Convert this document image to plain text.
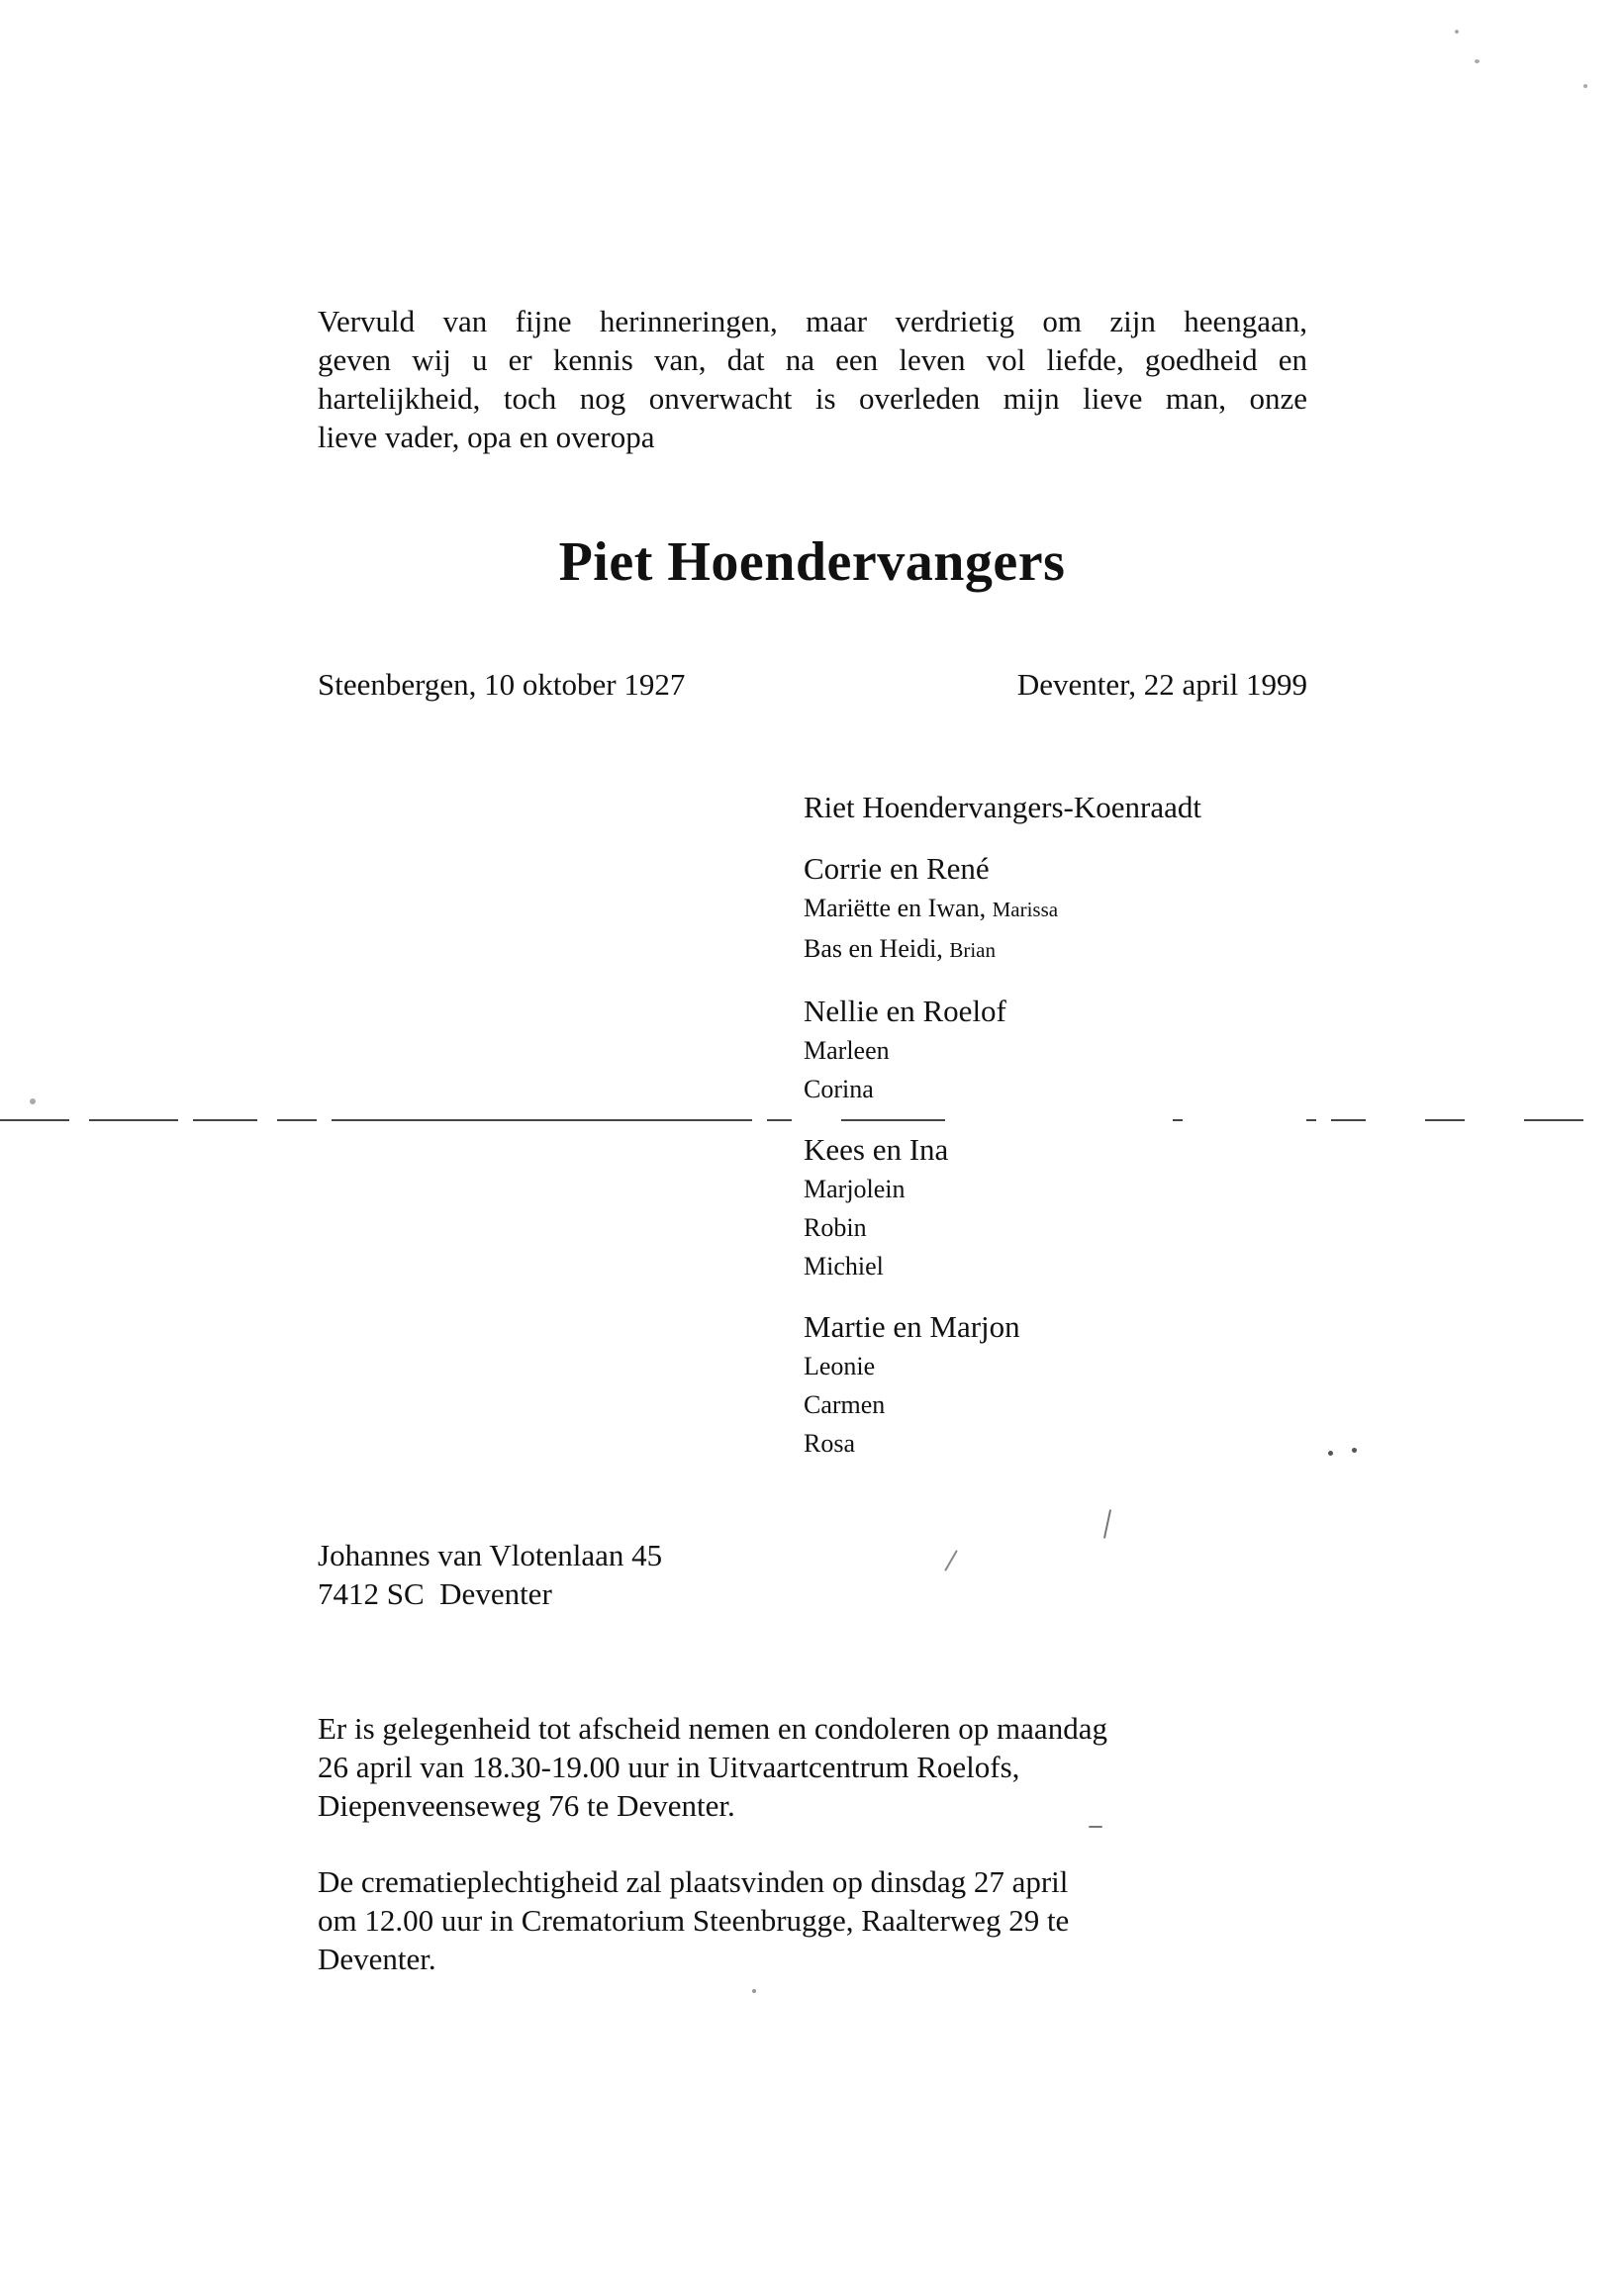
Vervuld van fijne herinneringen, maar verdrietig om zijn heengaan,
geven wij u er kennis van, dat na een leven vol liefde, goedheid en
hartelijkheid, toch nog onverwacht is overleden mijn lieve man, onze
lieve vader, opa en overopa
Piet Hoendervangers
Steenbergen, 10 oktober 1927	Deventer, 22 april 1999
Riet Hoendervangers-Koenraadt
Corrie en René
Mariëtte en Iwan, Marissa
Bas en Heidi, Brian
Nellie en Roelof
Marleen
Corina
Kees en Ina
Marjolein
Robin
Michiel
Martie en Marjon
Leonie
Carmen
Rosa
Johannes van Vlotenlaan 45
7412 SC  Deventer
Er is gelegenheid tot afscheid nemen en condoleren op maandag
26 april van 18.30-19.00 uur in Uitvaartcentrum Roelofs,
Diepenveenseweg 76 te Deventer.
De crematieplechtigheid zal plaatsvinden op dinsdag 27 april
om 12.00 uur in Crematorium Steenbrugge, Raalterweg 29 te
Deventer.
